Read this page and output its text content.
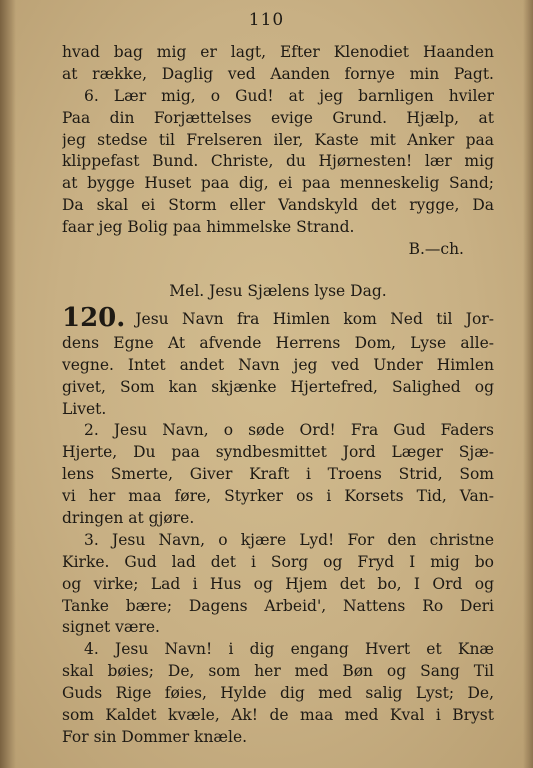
110
hvad bag mig er lagt, Efter Klenodiet Haanden
at række, Daglig ved Aanden fornye min Pagt.
6. Lær mig, o Gud! at jeg barnligen hviler
Paa din Forjættelses evige Grund. Hjælp, at
jeg stedse til Frelseren iler, Kaste mit Anker paa
klippefast Bund. Christe, du Hjørnesten! lær mig
at bygge Huset paa dig, ei paa menneskelig Sand;
Da skal ei Storm eller Vandskyld det rygge, Da
faar jeg Bolig paa himmelske Strand.
B.—ch.
Mel. Jesu Sjælens lyse Dag.
120. Jesu Navn fra Himlen kom Ned til Jor-
dens Egne At afvende Herrens Dom, Lyse alle-
vegne. Intet andet Navn jeg ved Under Himlen
givet, Som kan skjænke Hjertefred, Salighed og
Livet.
2. Jesu Navn, o søde Ord! Fra Gud Faders
Hjerte, Du paa syndbesmittet Jord Læger Sjæ-
lens Smerte, Giver Kraft i Troens Strid, Som
vi her maa føre, Styrker os i Korsets Tid, Van-
dringen at gjøre.
3. Jesu Navn, o kjære Lyd! For den christne
Kirke. Gud lad det i Sorg og Fryd I mig bo
og virke; Lad i Hus og Hjem det bo, I Ord og
Tanke bære; Dagens Arbeid', Nattens Ro Deri
signet være.
4. Jesu Navn! i dig engang Hvert et Knæ
skal bøies; De, som her med Bøn og Sang Til
Guds Rige føies, Hylde dig med salig Lyst; De,
som Kaldet kvæle, Ak! de maa med Kval i Bryst
For sin Dommer knæle.
